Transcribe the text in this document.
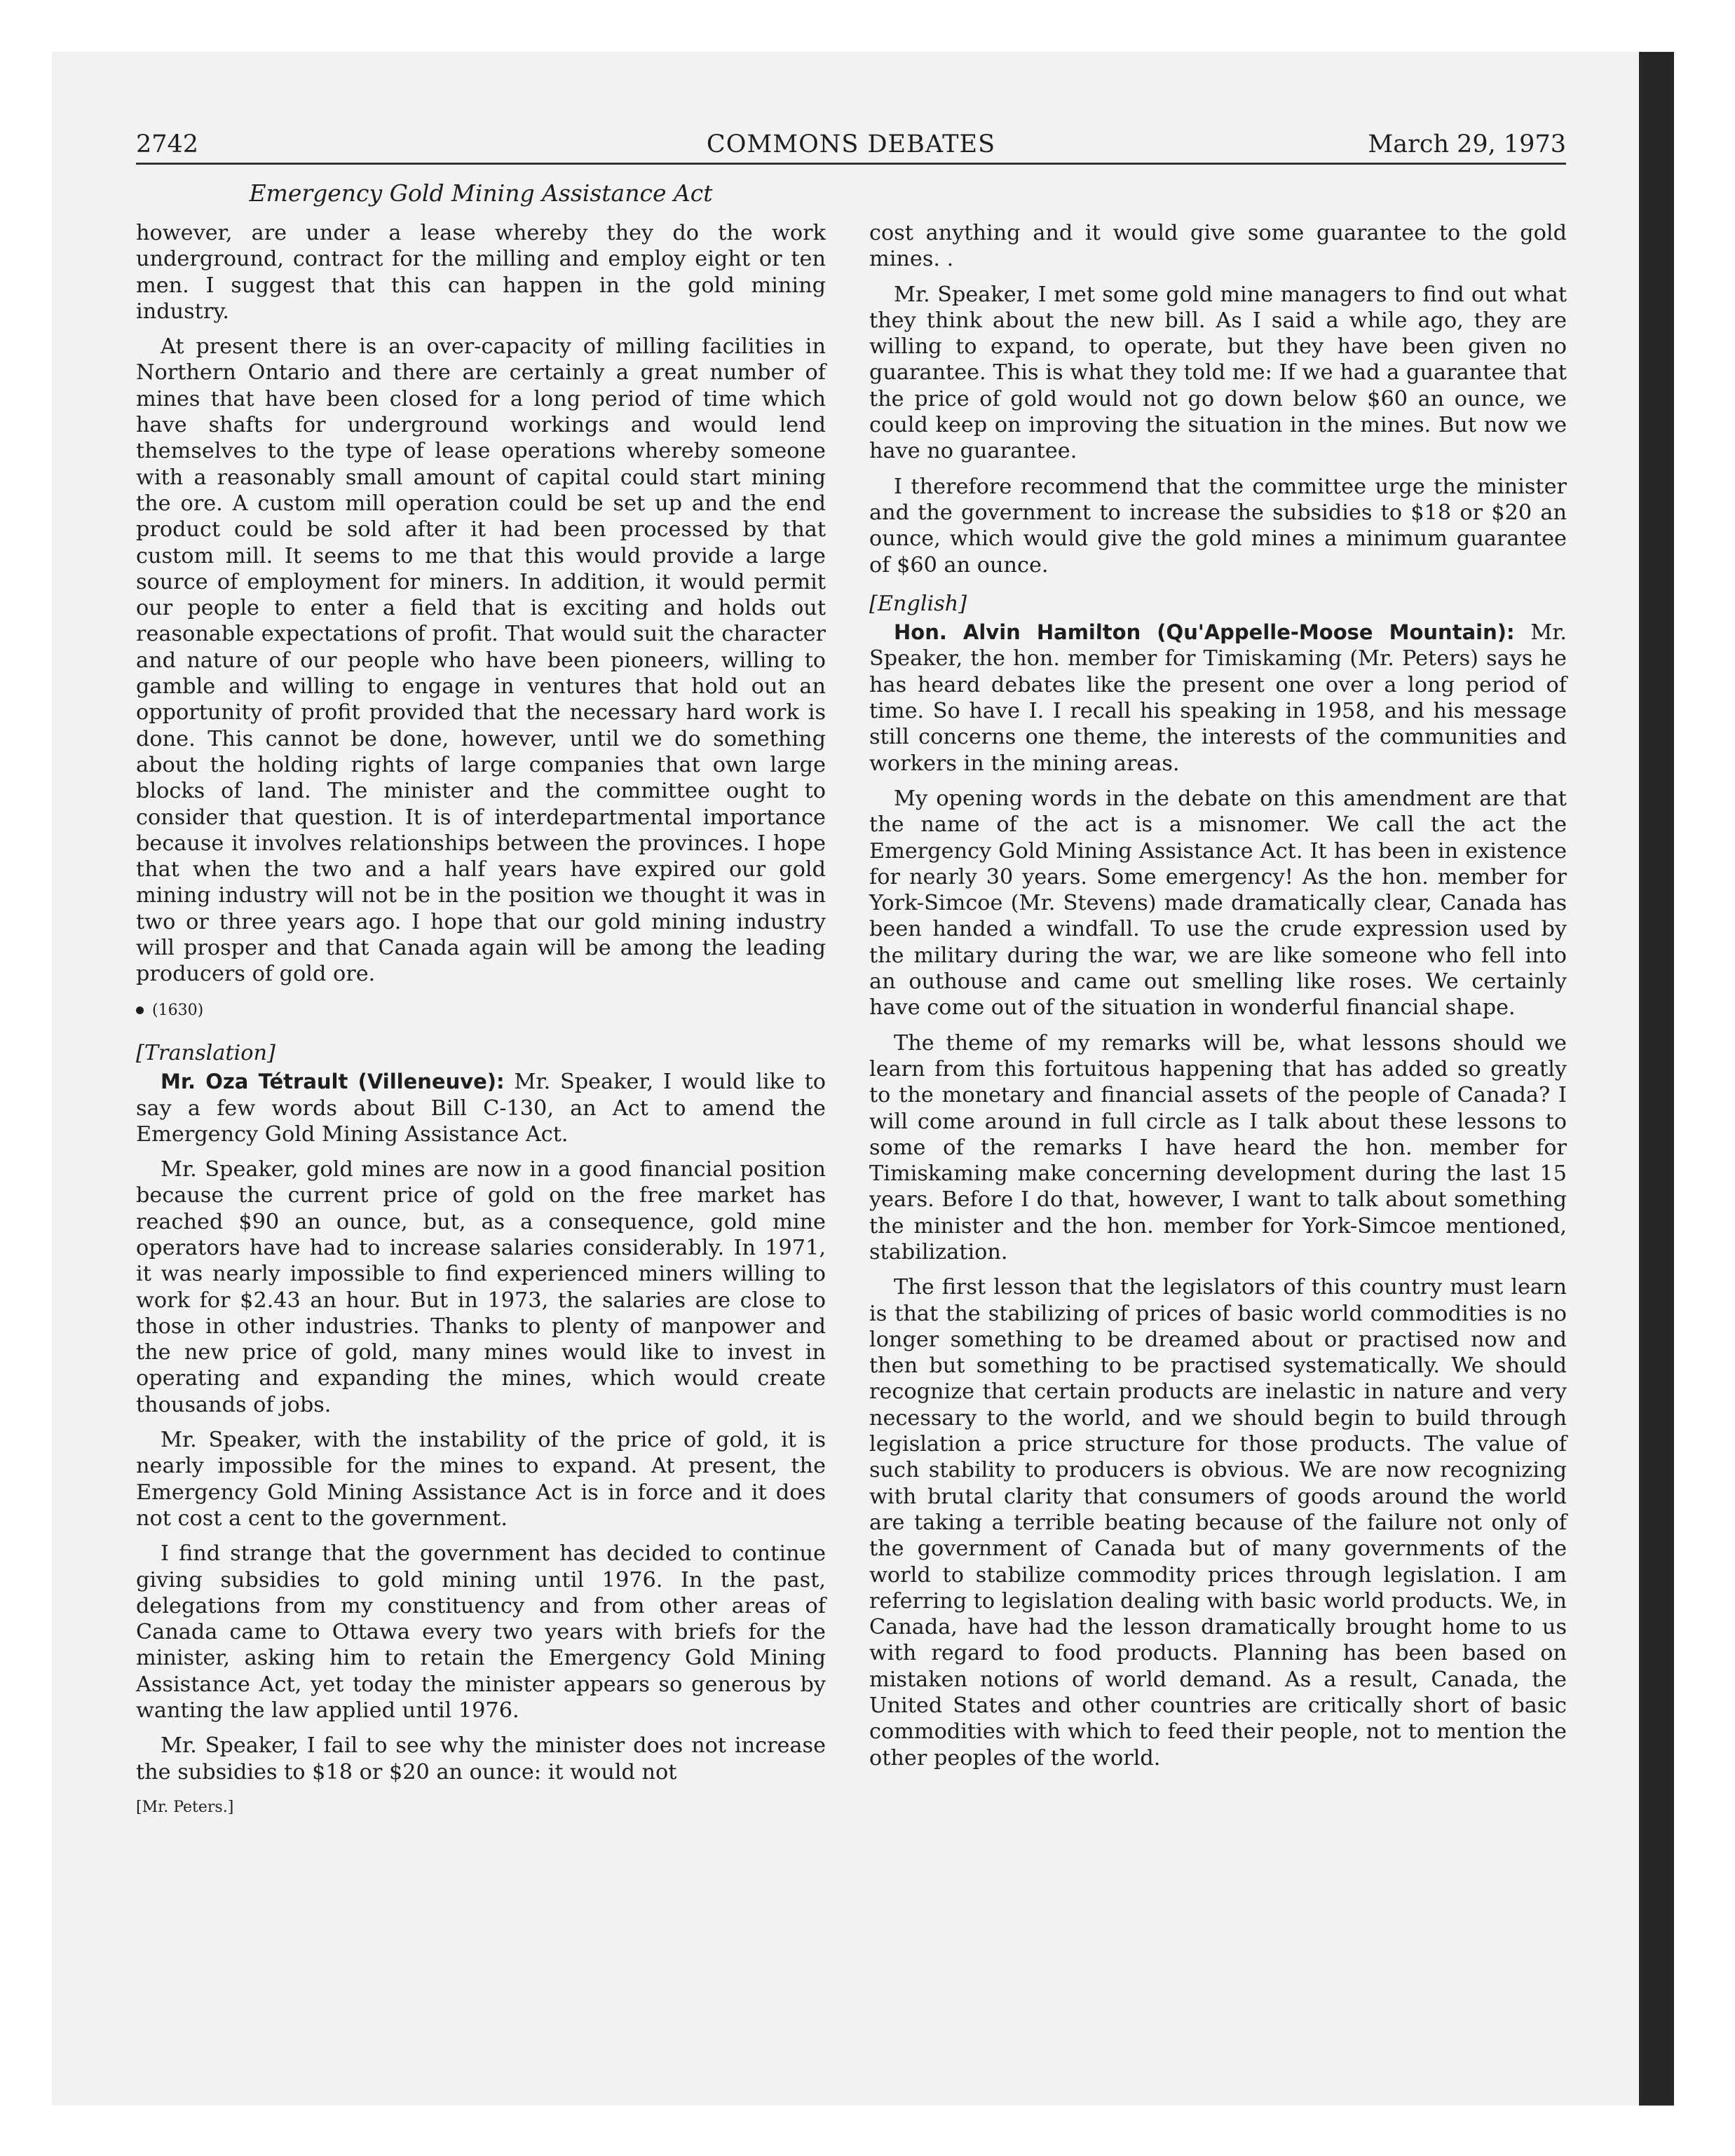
2742	COMMONS DEBATES	March 29, 1973
Emergency Gold Mining Assistance Act

however, are under a lease whereby they do the work underground, contract for the milling and employ eight or ten men. I suggest that this can happen in the gold mining industry.

At present there is an over-capacity of milling facilities in Northern Ontario and there are certainly a great number of mines that have been closed for a long period of time which have shafts for underground workings and would lend themselves to the type of lease operations whereby someone with a reasonably small amount of capital could start mining the ore. A custom mill operation could be set up and the end product could be sold after it had been processed by that custom mill. It seems to me that this would provide a large source of employment for miners. In addition, it would permit our people to enter a field that is exciting and holds out reasonable expectations of profit. That would suit the character and nature of our people who have been pioneers, willing to gamble and willing to engage in ventures that hold out an opportunity of profit provided that the necessary hard work is done. This cannot be done, however, until we do something about the holding rights of large companies that own large blocks of land. The minister and the committee ought to consider that question. It is of interdepartmental importance because it involves relationships between the provinces. I hope that when the two and a half years have expired our gold mining industry will not be in the position we thought it was in two or three years ago. I hope that our gold mining industry will prosper and that Canada again will be among the leading producers of gold ore.

(1630)

[Translation]

Mr. Oza Tétrault (Villeneuve): Mr. Speaker, I would like to say a few words about Bill C-130, an Act to amend the Emergency Gold Mining Assistance Act.

Mr. Speaker, gold mines are now in a good financial position because the current price of gold on the free market has reached $90 an ounce, but, as a consequence, gold mine operators have had to increase salaries considerably. In 1971, it was nearly impossible to find experienced miners willing to work for $2.43 an hour. But in 1973, the salaries are close to those in other industries. Thanks to plenty of manpower and the new price of gold, many mines would like to invest in operating and expanding the mines, which would create thousands of jobs.

Mr. Speaker, with the instability of the price of gold, it is nearly impossible for the mines to expand. At present, the Emergency Gold Mining Assistance Act is in force and it does not cost a cent to the government.

I find strange that the government has decided to continue giving subsidies to gold mining until 1976. In the past, delegations from my constituency and from other areas of Canada came to Ottawa every two years with briefs for the minister, asking him to retain the Emergency Gold Mining Assistance Act, yet today the minister appears so generous by wanting the law applied until 1976.

Mr. Speaker, I fail to see why the minister does not increase the subsidies to $18 or $20 an ounce: it would not

[Mr. Peters.]

cost anything and it would give some guarantee to the gold mines. .

Mr. Speaker, I met some gold mine managers to find out what they think about the new bill. As I said a while ago, they are willing to expand, to operate, but they have been given no guarantee. This is what they told me: If we had a guarantee that the price of gold would not go down below $60 an ounce, we could keep on improving the situation in the mines. But now we have no guarantee.

I therefore recommend that the committee urge the minister and the government to increase the subsidies to $18 or $20 an ounce, which would give the gold mines a minimum guarantee of $60 an ounce.

[English]

Hon. Alvin Hamilton (Qu'Appelle-Moose Mountain): Mr. Speaker, the hon. member for Timiskaming (Mr. Peters) says he has heard debates like the present one over a long period of time. So have I. I recall his speaking in 1958, and his message still concerns one theme, the interests of the communities and workers in the mining areas.

My opening words in the debate on this amendment are that the name of the act is a misnomer. We call the act the Emergency Gold Mining Assistance Act. It has been in existence for nearly 30 years. Some emergency! As the hon. member for York-Simcoe (Mr. Stevens) made dramatically clear, Canada has been handed a windfall. To use the crude expression used by the military during the war, we are like someone who fell into an outhouse and came out smelling like roses. We certainly have come out of the situation in wonderful financial shape.

The theme of my remarks will be, what lessons should we learn from this fortuitous happening that has added so greatly to the monetary and financial assets of the people of Canada? I will come around in full circle as I talk about these lessons to some of the remarks I have heard the hon. member for Timiskaming make concerning development during the last 15 years. Before I do that, however, I want to talk about something the minister and the hon. member for York-Simcoe mentioned, stabilization.

The first lesson that the legislators of this country must learn is that the stabilizing of prices of basic world commodities is no longer something to be dreamed about or practised now and then but something to be practised systematically. We should recognize that certain products are inelastic in nature and very necessary to the world, and we should begin to build through legislation a price structure for those products. The value of such stability to producers is obvious. We are now recognizing with brutal clarity that consumers of goods around the world are taking a terrible beating because of the failure not only of the government of Canada but of many governments of the world to stabilize commodity prices through legislation. I am referring to legislation dealing with basic world products. We, in Canada, have had the lesson dramatically brought home to us with regard to food products. Planning has been based on mistaken notions of world demand. As a result, Canada, the United States and other countries are critically short of basic commodities with which to feed their people, not to mention the other peoples of the world.
